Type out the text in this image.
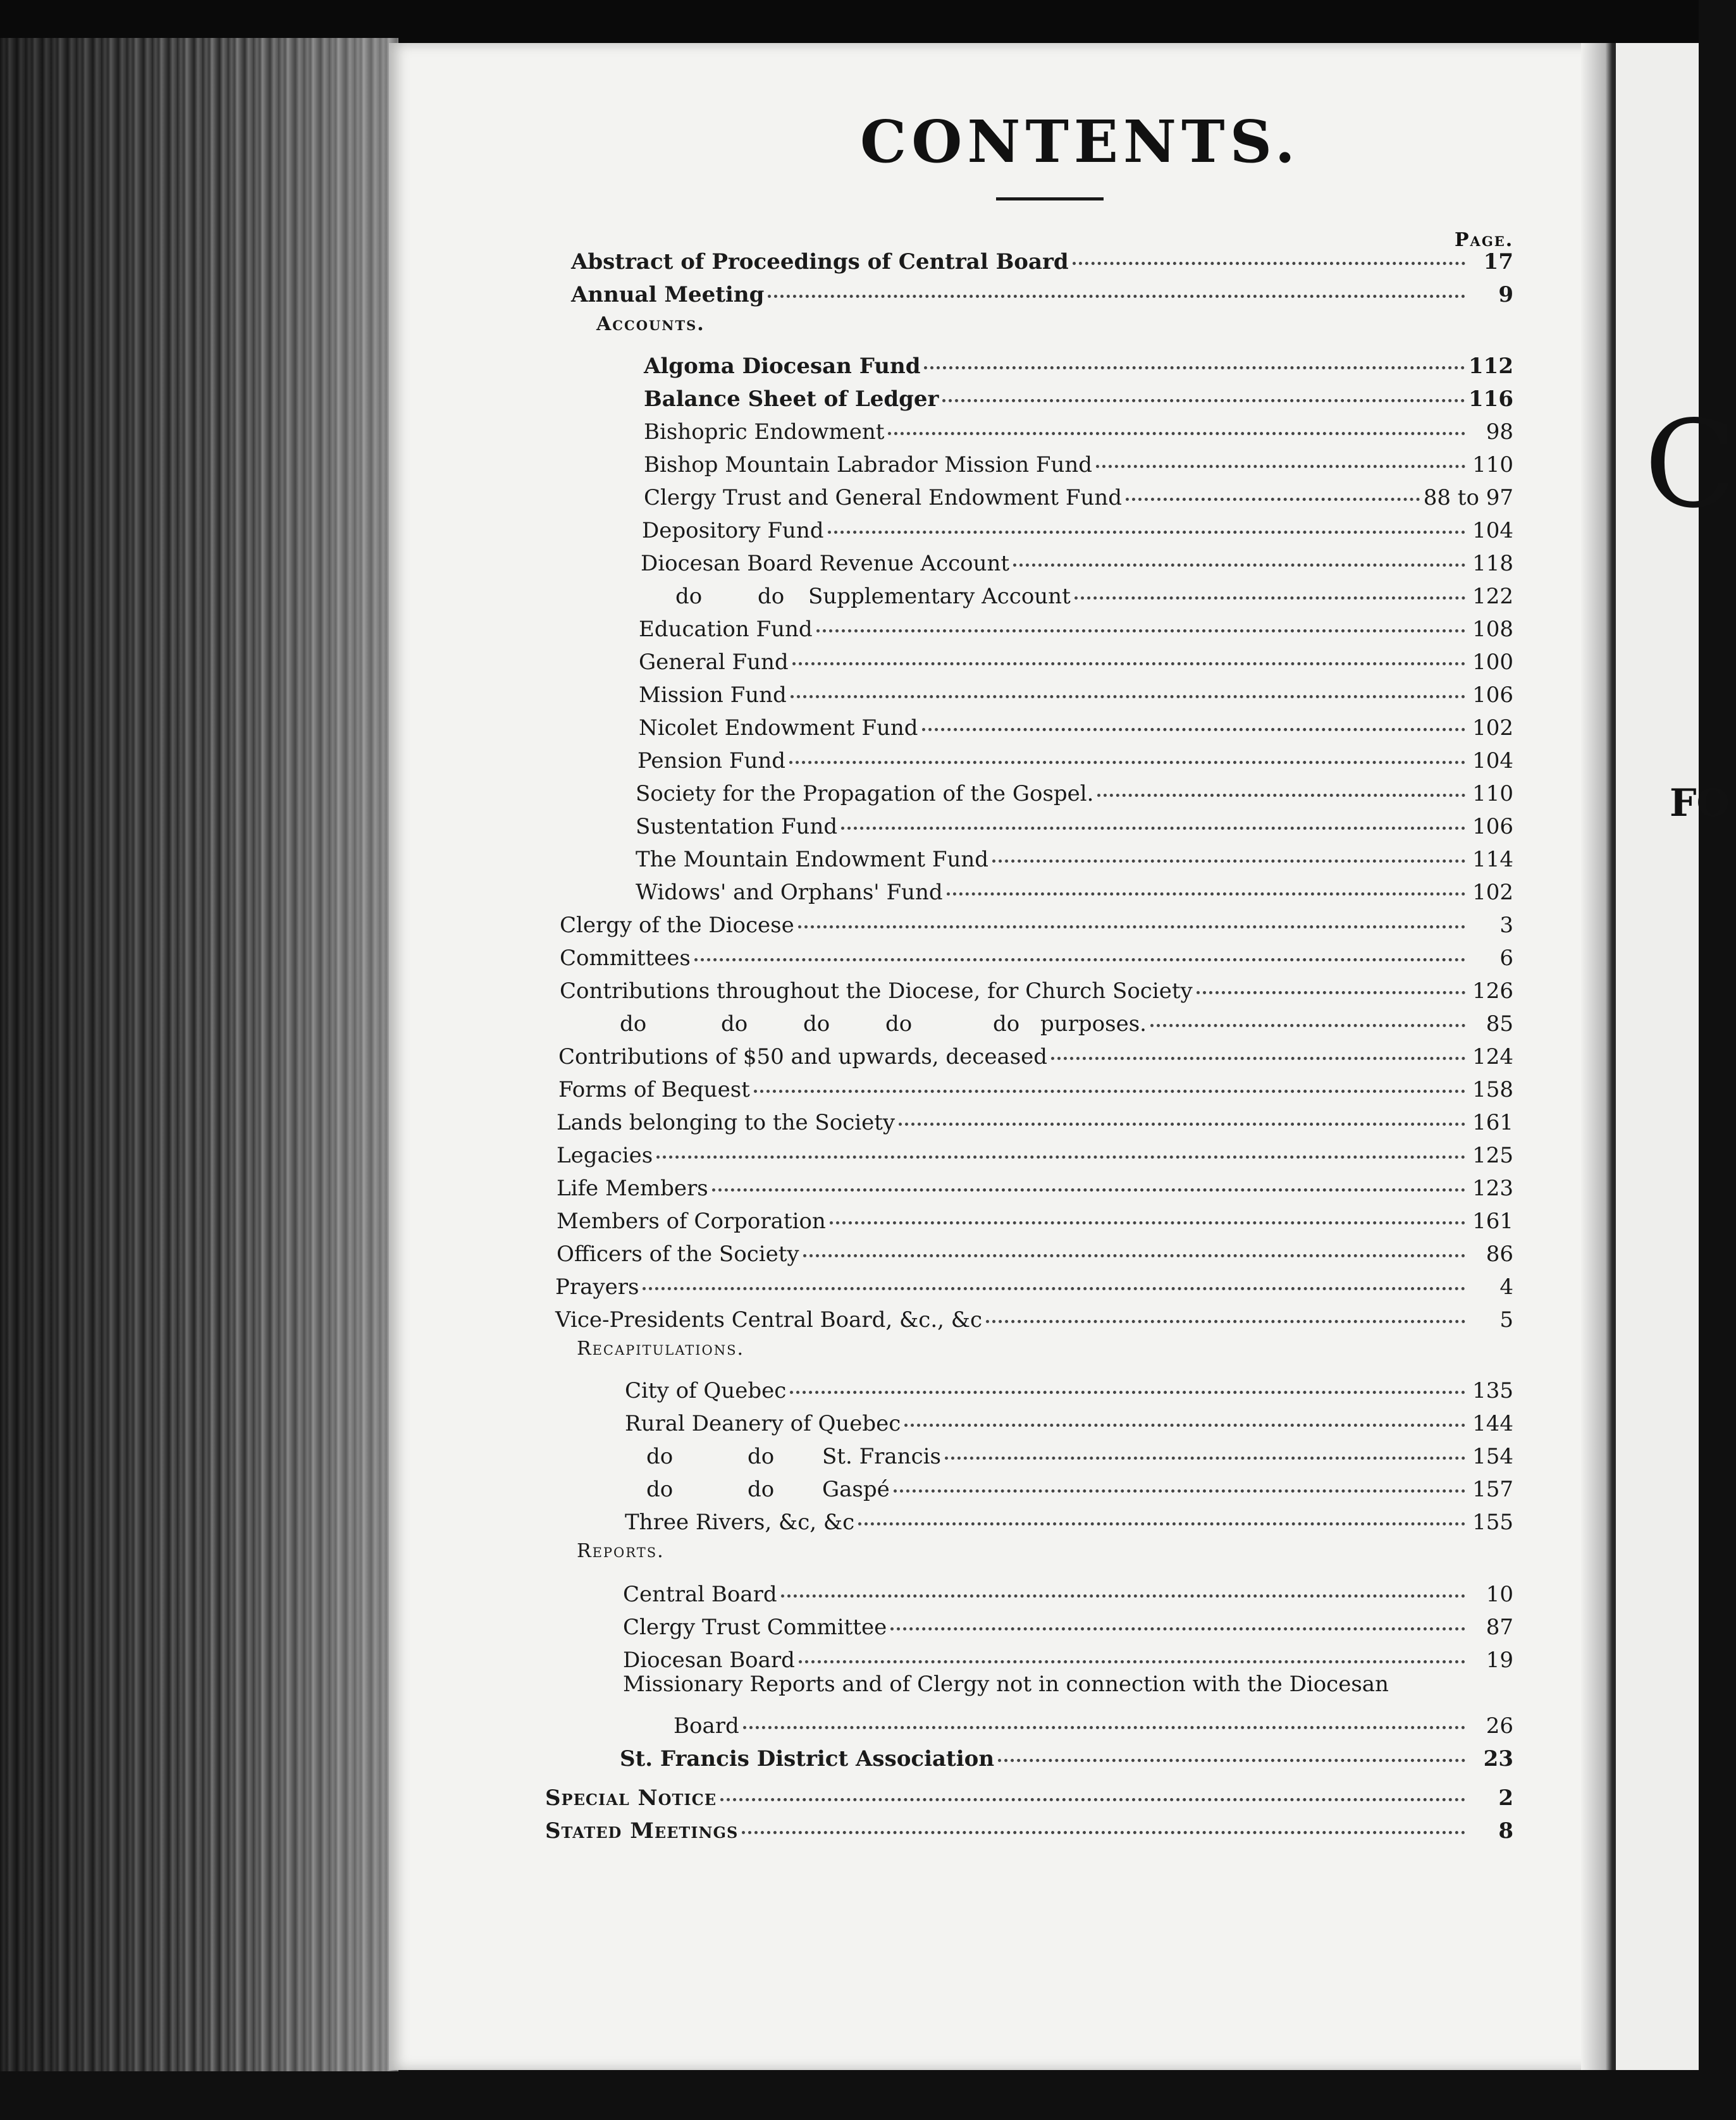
C
FO
CONTENTS.
Page.
Abstract of Proceedings of Central Board	17
Annual Meeting	9
Accounts.
Algoma Diocesan Fund	112
Balance Sheet of Ledger	116
Bishopric Endowment	98
Bishop Mountain Labrador Mission Fund	110
Clergy Trust and General Endowment Fund	88 to 97
Depository Fund	104
Diocesan Board Revenue Account	118
do	do	Supplementary Account	122
Education Fund	108
General Fund	100
Mission Fund	106
Nicolet Endowment Fund	102
Pension Fund	104
Society for the Propagation of the Gospel.	110
Sustentation Fund	106
The Mountain Endowment Fund	114
Widows' and Orphans' Fund	102
Clergy of the Diocese	3
Committees	6
Contributions throughout the Diocese, for Church Society	126
do	do	do	do	do purposes.	85
Contributions of $50 and upwards, deceased	124
Forms of Bequest	158
Lands belonging to the Society	161
Legacies	125
Life Members	123
Members of Corporation	161
Officers of the Society	86
Prayers	4
Vice-Presidents Central Board, &c., &c	5
Recapitulations.
City of Quebec	135
Rural Deanery of Quebec	144
do	do	St. Francis	154
do	do	Gaspé	157
Three Rivers, &c, &c	155
Reports.
Central Board	10
Clergy Trust Committee	87
Diocesan Board	19
Missionary Reports and of Clergy not in connection with the Diocesan
Board	26
St. Francis District Association	23
Special Notice	2
Stated Meetings	8
